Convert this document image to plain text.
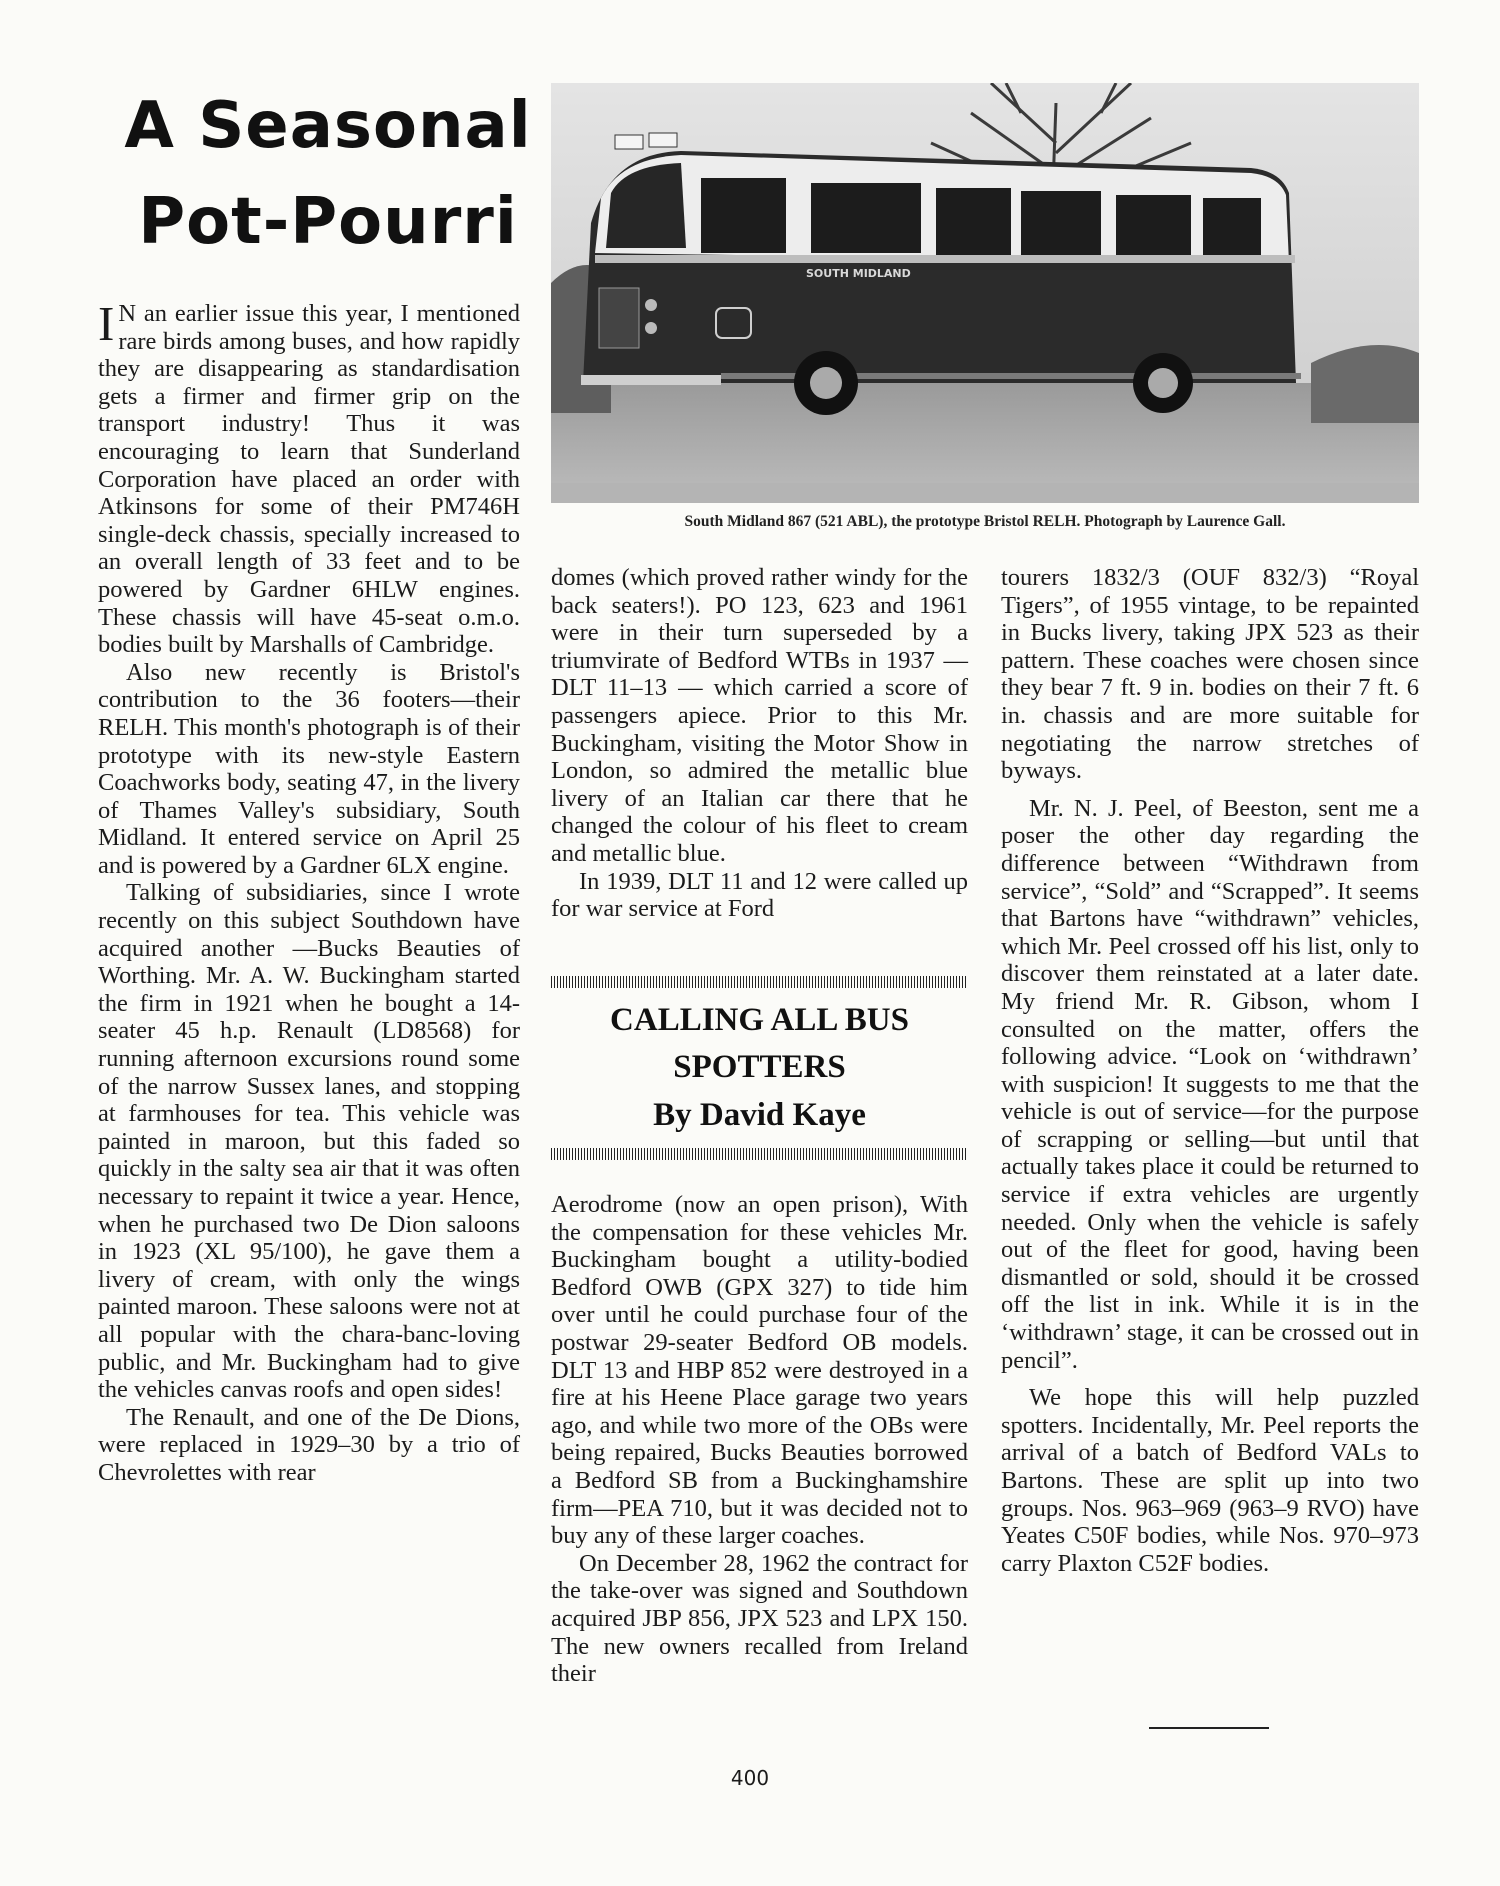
A Seasonal Pot-Pourri

I N an earlier issue this year, I mentioned rare birds among buses, and how rapidly they are disappearing as standardisation gets a firmer and firmer grip on the transport industry! Thus it was encouraging to learn that Sunderland Corporation have placed an order with Atkinsons for some of their PM746H single-deck chassis, specially increased to an overall length of 33 feet and to be powered by Gardner 6HLW engines. These chassis will have 45-seat o.m.o. bodies built by Marshalls of Cambridge.

Also new recently is Bristol's contribution to the 36 footers—their RELH. This month's photograph is of their prototype with its new-style Eastern Coachworks body, seating 47, in the livery of Thames Valley's subsidiary, South Midland. It entered service on April 25 and is powered by a Gardner 6LX engine.

Talking of subsidiaries, since I wrote recently on this subject Southdown have acquired another —Bucks Beauties of Worthing. Mr. A. W. Buckingham started the firm in 1921 when he bought a 14-seater 45 h.p. Renault (LD8568) for running afternoon excursions round some of the narrow Sussex lanes, and stopping at farmhouses for tea. This vehicle was painted in maroon, but this faded so quickly in the salty sea air that it was often necessary to repaint it twice a year. Hence, when he purchased two De Dion saloons in 1923 (XL 95/100), he gave them a livery of cream, with only the wings painted maroon. These saloons were not at all popular with the chara-banc-loving public, and Mr. Buckingham had to give the vehicles canvas roofs and open sides!

The Renault, and one of the De Dions, were replaced in 1929–30 by a trio of Chevrolettes with rear

SOUTH MIDLAND
South Midland 867 (521 ABL), the prototype Bristol RELH. Photograph by Laurence Gall.

domes (which proved rather windy for the back seaters!). PO 123, 623 and 1961 were in their turn superseded by a triumvirate of Bedford WTBs in 1937 — DLT 11–13 — which carried a score of passengers apiece. Prior to this Mr. Buckingham, visiting the Motor Show in London, so admired the metallic blue livery of an Italian car there that he changed the colour of his fleet to cream and metallic blue.

In 1939, DLT 11 and 12 were called up for war service at Ford

CALLING ALL BUS
SPOTTERS
By David Kaye

Aerodrome (now an open prison), With the compensation for these vehicles Mr. Buckingham bought a utility-bodied Bedford OWB (GPX 327) to tide him over until he could purchase four of the postwar 29-seater Bedford OB models. DLT 13 and HBP 852 were destroyed in a fire at his Heene Place garage two years ago, and while two more of the OBs were being repaired, Bucks Beauties borrowed a Bedford SB from a Buckinghamshire firm—PEA 710, but it was decided not to buy any of these larger coaches.

On December 28, 1962 the contract for the take-over was signed and Southdown acquired JBP 856, JPX 523 and LPX 150. The new owners recalled from Ireland their

tourers 1832/3 (OUF 832/3) “Royal Tigers”, of 1955 vintage, to be repainted in Bucks livery, taking JPX 523 as their pattern. These coaches were chosen since they bear 7 ft. 9 in. bodies on their 7 ft. 6 in. chassis and are more suitable for negotiating the narrow stretches of byways.

Mr. N. J. Peel, of Beeston, sent me a poser the other day regarding the difference between “Withdrawn from service”, “Sold” and “Scrapped”. It seems that Bartons have “withdrawn” vehicles, which Mr. Peel crossed off his list, only to discover them reinstated at a later date. My friend Mr. R. Gibson, whom I consulted on the matter, offers the following advice. “Look on ‘withdrawn’ with suspicion! It suggests to me that the vehicle is out of service—for the purpose of scrapping or selling—but until that actually takes place it could be returned to service if extra vehicles are urgently needed. Only when the vehicle is safely out of the fleet for good, having been dismantled or sold, should it be crossed off the list in ink. While it is in the ‘withdrawn’ stage, it can be crossed out in pencil”.

We hope this will help puzzled spotters. Incidentally, Mr. Peel reports the arrival of a batch of Bedford VALs to Bartons. These are split up into two groups. Nos. 963–969 (963–9 RVO) have Yeates C50F bodies, while Nos. 970–973 carry Plaxton C52F bodies.

400
